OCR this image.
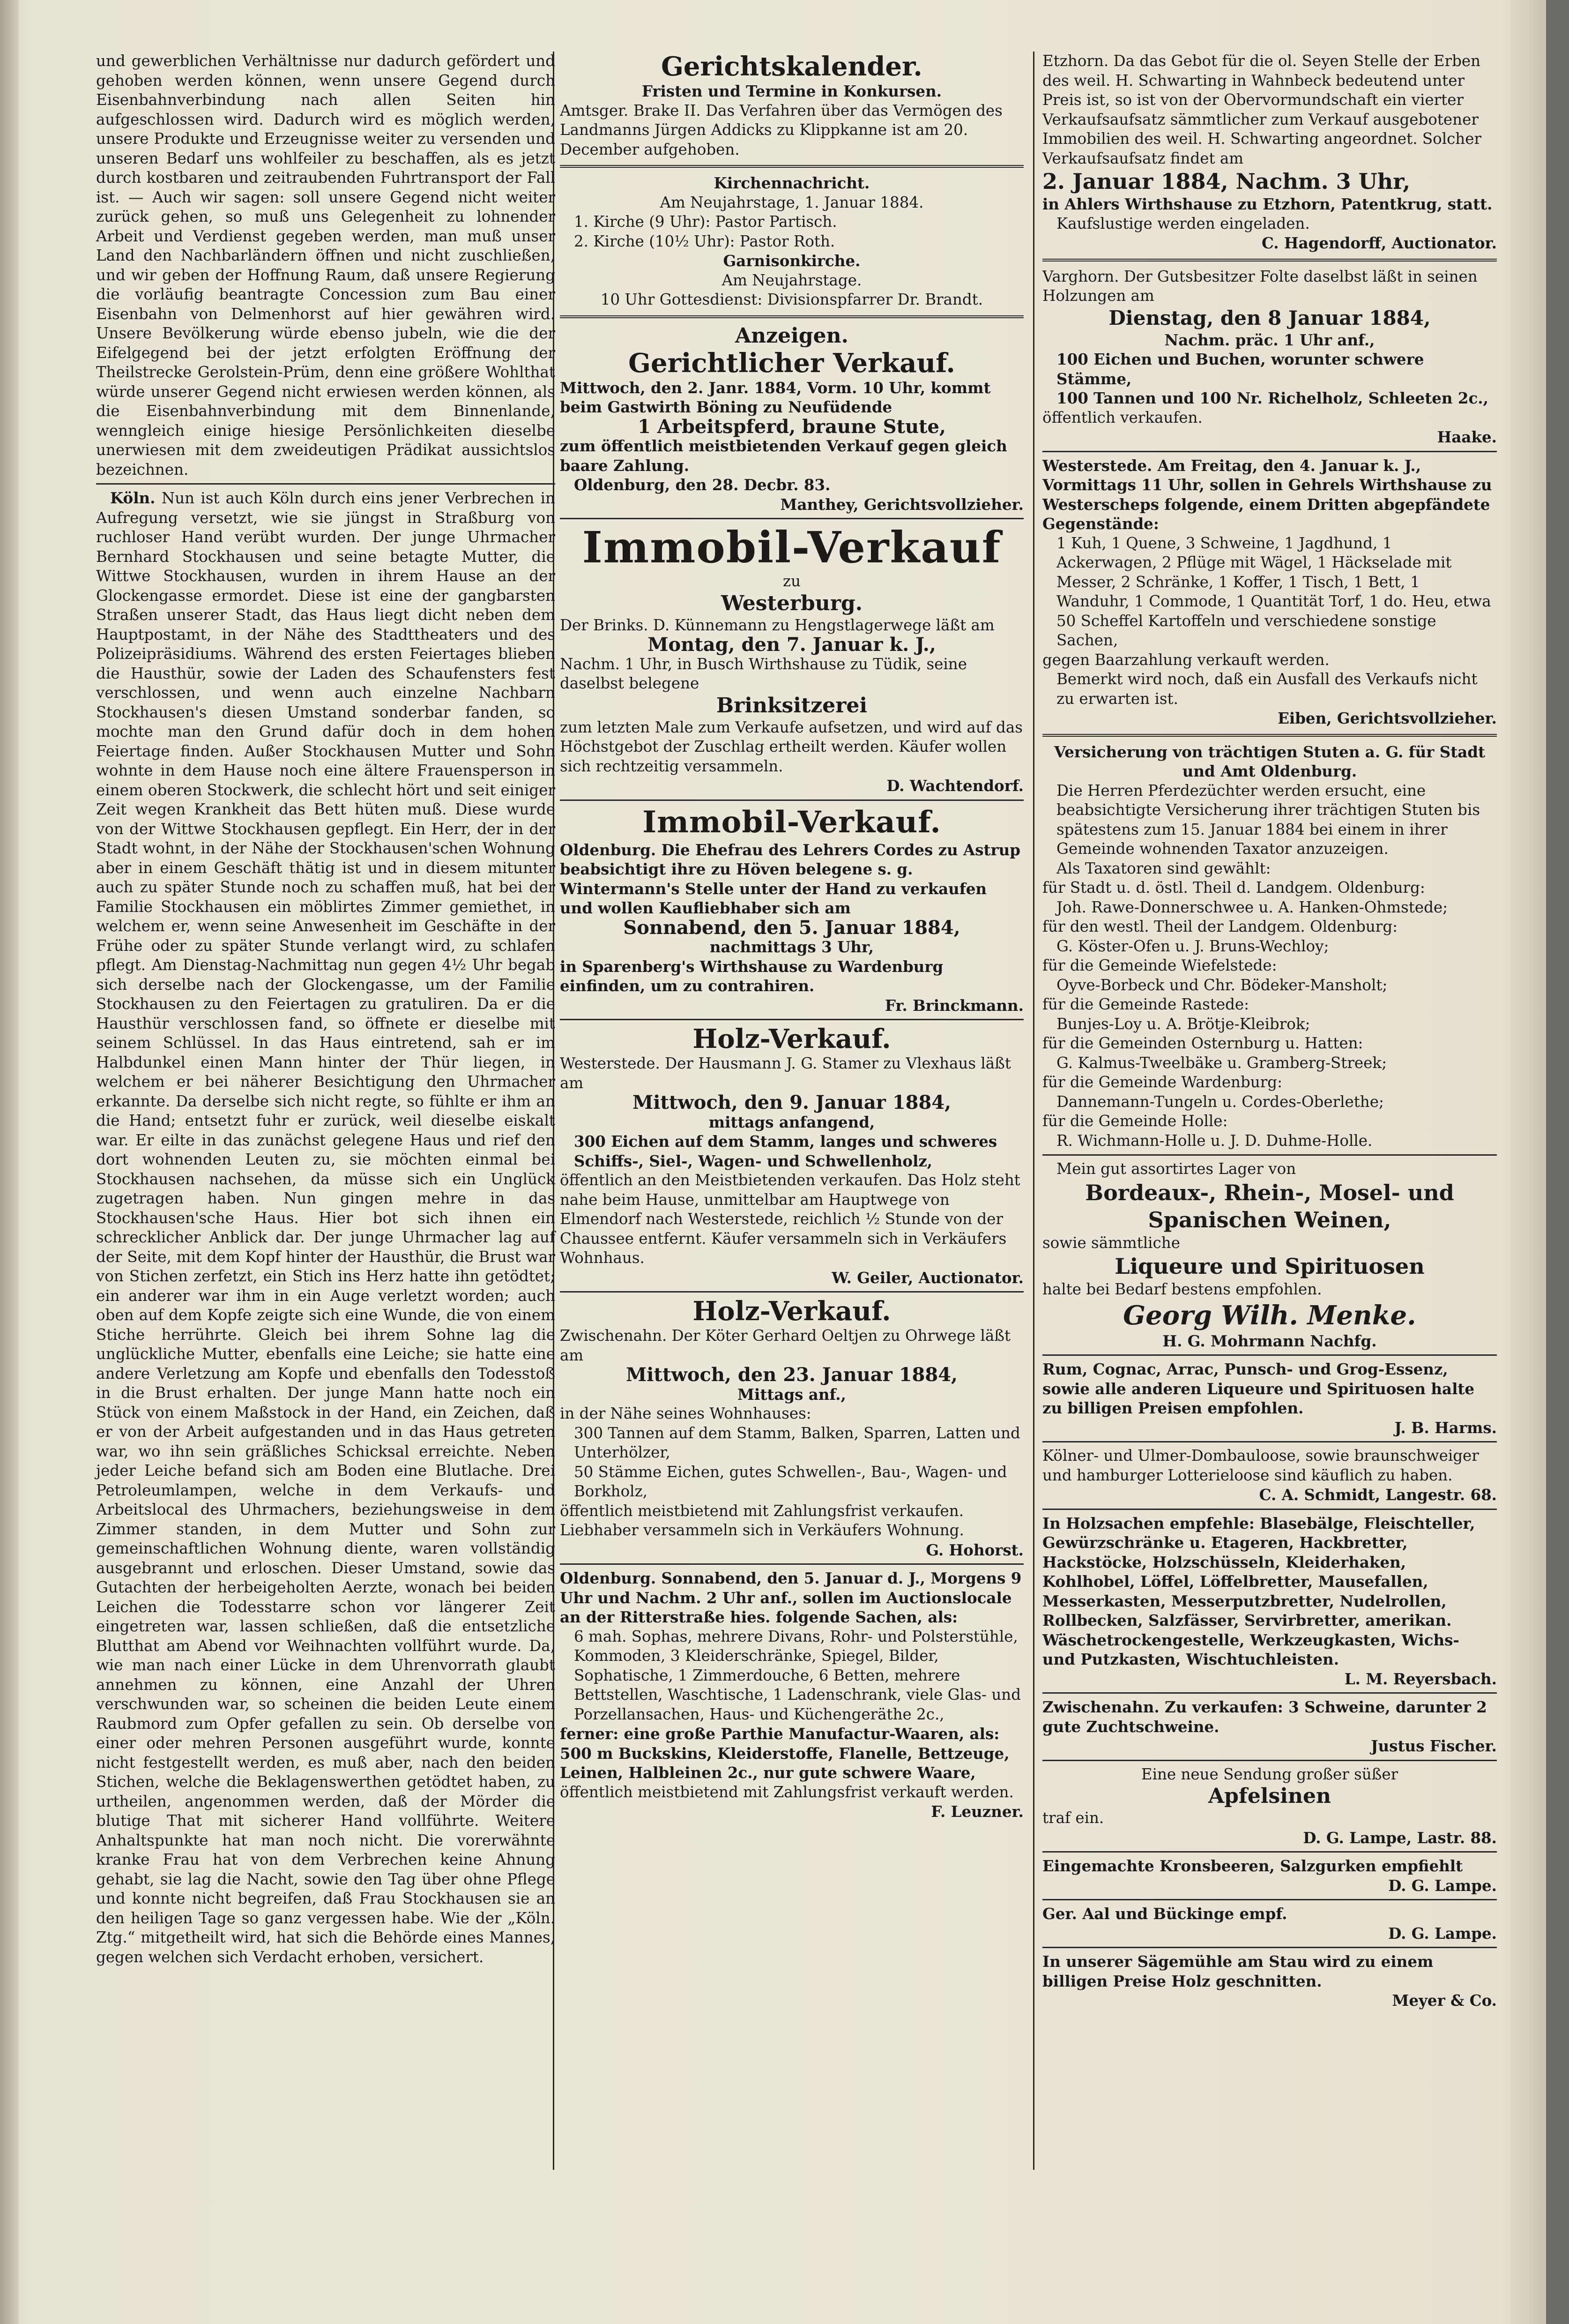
und gewerblichen Verhältnisse nur dadurch gefördert und gehoben werden können, wenn unsere Gegend durch Eisenbahnverbindung nach allen Seiten hin aufgeschlossen wird. Dadurch wird es möglich werden, unsere Produkte und Erzeugnisse weiter zu versenden und unseren Bedarf uns wohlfeiler zu beschaffen, als es jetzt durch kostbaren und zeitraubenden Fuhrtransport der Fall ist. — Auch wir sagen: soll unsere Gegend nicht weiter zurück gehen, so muß uns Gelegenheit zu lohnender Arbeit und Verdienst gegeben werden, man muß unser Land den Nachbarländern öffnen und nicht zuschließen, und wir geben der Hoffnung Raum, daß unsere Regierung die vorläufig beantragte Concession zum Bau einer Eisenbahn von Delmenhorst auf hier gewähren wird. Unsere Bevölkerung würde ebenso jubeln, wie die der Eifelgegend bei der jetzt erfolgten Eröffnung der Theilstrecke Gerolstein-Prüm, denn eine größere Wohlthat würde unserer Gegend nicht erwiesen werden können, als die Eisenbahnverbindung mit dem Binnenlande, wenngleich einige hiesige Persönlichkeiten dieselbe unerwiesen mit dem zweideutigen Prädikat aussichtslos bezeichnen.

Köln. Nun ist auch Köln durch eins jener Verbrechen in Aufregung versetzt, wie sie jüngst in Straßburg von ruchloser Hand verübt wurden. Der junge Uhrmacher Bernhard Stockhausen und seine betagte Mutter, die Wittwe Stockhausen, wurden in ihrem Hause an der Glockengasse ermordet. Diese ist eine der gangbarsten Straßen unserer Stadt, das Haus liegt dicht neben dem Hauptpostamt, in der Nähe des Stadttheaters und des Polizeipräsidiums. Während des ersten Feiertages blieben die Hausthür, sowie der Laden des Schaufensters fest verschlossen, und wenn auch einzelne Nachbarn Stockhausen's diesen Umstand sonderbar fanden, so mochte man den Grund dafür doch in dem hohen Feiertage finden. Außer Stockhausen Mutter und Sohn wohnte in dem Hause noch eine ältere Frauensperson in einem oberen Stockwerk, die schlecht hört und seit einiger Zeit wegen Krankheit das Bett hüten muß. Diese wurde von der Wittwe Stockhausen gepflegt. Ein Herr, der in der Stadt wohnt, in der Nähe der Stockhausen'schen Wohnung aber in einem Geschäft thätig ist und in diesem mitunter auch zu später Stunde noch zu schaffen muß, hat bei der Familie Stockhausen ein möblirtes Zimmer gemiethet, in welchem er, wenn seine Anwesenheit im Geschäfte in der Frühe oder zu später Stunde verlangt wird, zu schlafen pflegt. Am Dienstag-Nachmittag nun gegen 4½ Uhr begab sich derselbe nach der Glockengasse, um der Familie Stockhausen zu den Feiertagen zu gratuliren. Da er die Hausthür verschlossen fand, so öffnete er dieselbe mit seinem Schlüssel. In das Haus eintretend, sah er im Halbdunkel einen Mann hinter der Thür liegen, in welchem er bei näherer Besichtigung den Uhrmacher erkannte. Da derselbe sich nicht regte, so fühlte er ihm an die Hand; entsetzt fuhr er zurück, weil dieselbe eiskalt war. Er eilte in das zunächst gelegene Haus und rief den dort wohnenden Leuten zu, sie möchten einmal bei Stockhausen nachsehen, da müsse sich ein Unglück zugetragen haben. Nun gingen mehre in das Stockhausen'sche Haus. Hier bot sich ihnen ein schrecklicher Anblick dar. Der junge Uhrmacher lag auf der Seite, mit dem Kopf hinter der Hausthür, die Brust war von Stichen zerfetzt, ein Stich ins Herz hatte ihn getödtet; ein anderer war ihm in ein Auge verletzt worden; auch oben auf dem Kopfe zeigte sich eine Wunde, die von einem Stiche herrührte. Gleich bei ihrem Sohne lag die unglückliche Mutter, ebenfalls eine Leiche; sie hatte eine andere Verletzung am Kopfe und ebenfalls den Todesstoß in die Brust erhalten. Der junge Mann hatte noch ein Stück von einem Maßstock in der Hand, ein Zeichen, daß er von der Arbeit aufgestanden und in das Haus getreten war, wo ihn sein gräßliches Schicksal erreichte. Neben jeder Leiche befand sich am Boden eine Blutlache. Drei Petroleumlampen, welche in dem Verkaufs- und Arbeitslocal des Uhrmachers, beziehungsweise in dem Zimmer standen, in dem Mutter und Sohn zur gemeinschaftlichen Wohnung diente, waren vollständig ausgebrannt und erloschen. Dieser Umstand, sowie das Gutachten der herbeigeholten Aerzte, wonach bei beiden Leichen die Todesstarre schon vor längerer Zeit eingetreten war, lassen schließen, daß die entsetzliche Blutthat am Abend vor Weihnachten vollführt wurde. Da, wie man nach einer Lücke in dem Uhrenvorrath glaubt annehmen zu können, eine Anzahl der Uhren verschwunden war, so scheinen die beiden Leute einem Raubmord zum Opfer gefallen zu sein. Ob derselbe von einer oder mehren Personen ausgeführt wurde, konnte nicht festgestellt werden, es muß aber, nach den beiden Stichen, welche die Beklagenswerthen getödtet haben, zu urtheilen, angenommen werden, daß der Mörder die blutige That mit sicherer Hand vollführte. Weitere Anhaltspunkte hat man noch nicht. Die vorerwähnte kranke Frau hat von dem Verbrechen keine Ahnung gehabt, sie lag die Nacht, sowie den Tag über ohne Pflege und konnte nicht begreifen, daß Frau Stockhausen sie an den heiligen Tage so ganz vergessen habe. Wie der „Köln. Ztg.“ mitgetheilt wird, hat sich die Behörde eines Mannes, gegen welchen sich Verdacht erhoben, versichert.

Gerichtskalender.
Fristen und Termine in Konkursen.

Amtsger. Brake II. Das Verfahren über das Vermögen des Landmanns Jürgen Addicks zu Klippkanne ist am 20. December aufgehoben.

Kirchennachricht.
Am Neujahrstage, 1. Januar 1884.
1. Kirche (9 Uhr): Pastor Partisch.
2. Kirche (10½ Uhr): Pastor Roth.
Garnisonkirche.
Am Neujahrstage.
10 Uhr Gottesdienst: Divisionspfarrer Dr. Brandt.
Anzeigen.
Gerichtlicher Verkauf.

Mittwoch, den 2. Janr. 1884, Vorm. 10 Uhr, kommt beim Gastwirth Böning zu Neufüdende

1 Arbeitspferd, braune Stute,

zum öffentlich meistbietenden Verkauf gegen gleich baare Zahlung.

Oldenburg, den 28. Decbr. 83.
Manthey, Gerichtsvollzieher.
Immobil-Verkauf
zu
Westerburg.

Der Brinks. D. Künnemann zu Hengstlagerwege läßt am

Montag, den 7. Januar k. J.,

Nachm. 1 Uhr, in Busch Wirthshause zu Tüdik, seine daselbst belegene

Brinksitzerei

zum letzten Male zum Verkaufe aufsetzen, und wird auf das Höchstgebot der Zuschlag ertheilt werden. Käufer wollen sich rechtzeitig versammeln.

D. Wachtendorf.
Immobil-Verkauf.

Oldenburg. Die Ehefrau des Lehrers Cordes zu Astrup beabsichtigt ihre zu Höven belegene s. g. Wintermann's Stelle unter der Hand zu verkaufen und wollen Kaufliebhaber sich am

Sonnabend, den 5. Januar 1884,
nachmittags 3 Uhr,

in Sparenberg's Wirthshause zu Wardenburg einfinden, um zu contrahiren.

Fr. Brinckmann.
Holz-Verkauf.

Westerstede. Der Hausmann J. G. Stamer zu Vlexhaus läßt am

Mittwoch, den 9. Januar 1884,
mittags anfangend,

300 Eichen auf dem Stamm, langes und schweres Schiffs-, Siel-, Wagen- und Schwellenholz,

öffentlich an den Meistbietenden verkaufen. Das Holz steht nahe beim Hause, unmittelbar am Hauptwege von Elmendorf nach Westerstede, reichlich ½ Stunde von der Chaussee entfernt. Käufer versammeln sich in Verkäufers Wohnhaus.

W. Geiler, Auctionator.
Holz-Verkauf.

Zwischenahn. Der Köter Gerhard Oeltjen zu Ohrwege läßt am

Mittwoch, den 23. Januar 1884,
Mittags anf.,

in der Nähe seines Wohnhauses:

300 Tannen auf dem Stamm, Balken, Sparren, Latten und Unterhölzer,

50 Stämme Eichen, gutes Schwellen-, Bau-, Wagen- und Borkholz,

öffentlich meistbietend mit Zahlungsfrist verkaufen. Liebhaber versammeln sich in Verkäufers Wohnung.

G. Hohorst.

Oldenburg. Sonnabend, den 5. Januar d. J., Morgens 9 Uhr und Nachm. 2 Uhr anf., sollen im Auctionslocale an der Ritterstraße hies. folgende Sachen, als:

6 mah. Sophas, mehrere Divans, Rohr- und Polsterstühle, Kommoden, 3 Kleiderschränke, Spiegel, Bilder, Sophatische, 1 Zimmerdouche, 6 Betten, mehrere Bettstellen, Waschtische, 1 Ladenschrank, viele Glas- und Porzellansachen, Haus- und Küchengeräthe 2c.,

ferner: eine große Parthie Manufactur-Waaren, als: 500 m Buckskins, Kleiderstoffe, Flanelle, Bettzeuge, Leinen, Halbleinen 2c., nur gute schwere Waare,

öffentlich meistbietend mit Zahlungsfrist verkauft werden.

F. Leuzner.

Etzhorn. Da das Gebot für die ol. Seyen Stelle der Erben des weil. H. Schwarting in Wahnbeck bedeutend unter Preis ist, so ist von der Obervormundschaft ein vierter Verkaufsaufsatz sämmtlicher zum Verkauf ausgebotener Immobilien des weil. H. Schwarting angeordnet. Solcher Verkaufsaufsatz findet am

2. Januar 1884, Nachm. 3 Uhr,

in Ahlers Wirthshause zu Etzhorn, Patentkrug, statt.

Kaufslustige werden eingeladen.
C. Hagendorff, Auctionator.

Varghorn. Der Gutsbesitzer Folte daselbst läßt in seinen Holzungen am

Dienstag, den 8 Januar 1884,
Nachm. präc. 1 Uhr anf.,

100 Eichen und Buchen, worunter schwere Stämme,

100 Tannen und 100 Nr. Richelholz, Schleeten 2c.,

öffentlich verkaufen.
Haake.

Westerstede. Am Freitag, den 4. Januar k. J., Vormittags 11 Uhr, sollen in Gehrels Wirthshause zu Westerscheps folgende, einem Dritten abgepfändete Gegenstände:

1 Kuh, 1 Quene, 3 Schweine, 1 Jagdhund, 1 Ackerwagen, 2 Pflüge mit Wägel, 1 Häckselade mit Messer, 2 Schränke, 1 Koffer, 1 Tisch, 1 Bett, 1 Wanduhr, 1 Commode, 1 Quantität Torf, 1 do. Heu, etwa 50 Scheffel Kartoffeln und verschiedene sonstige Sachen,

gegen Baarzahlung verkauft werden.

Bemerkt wird noch, daß ein Ausfall des Verkaufs nicht zu erwarten ist.

Eiben, Gerichtsvollzieher.
Versicherung von trächtigen Stuten a. G. für Stadt und Amt Oldenburg.

Die Herren Pferdezüchter werden ersucht, eine beabsichtigte Versicherung ihrer trächtigen Stuten bis spätestens zum 15. Januar 1884 bei einem in ihrer Gemeinde wohnenden Taxator anzuzeigen.

Als Taxatoren sind gewählt:
für Stadt u. d. östl. Theil d. Landgem. Oldenburg:
Joh. Rawe-Donnerschwee u. A. Hanken-Ohmstede;
für den westl. Theil der Landgem. Oldenburg:
G. Köster-Ofen u. J. Bruns-Wechloy;
für die Gemeinde Wiefelstede:
Oyve-Borbeck und Chr. Bödeker-Mansholt;
für die Gemeinde Rastede:
Bunjes-Loy u. A. Brötje-Kleibrok;
für die Gemeinden Osternburg u. Hatten:
G. Kalmus-Tweelbäke u. Gramberg-Streek;
für die Gemeinde Wardenburg:
Dannemann-Tungeln u. Cordes-Oberlethe;
für die Gemeinde Holle:
R. Wichmann-Holle u. J. D. Duhme-Holle.
Mein gut assortirtes Lager von
Bordeaux-, Rhein-, Mosel- und Spanischen Weinen,
sowie sämmtliche
Liqueure und Spirituosen
halte bei Bedarf bestens empfohlen.
Georg Wilh. Menke.
H. G. Mohrmann Nachfg.

Rum, Cognac, Arrac, Punsch- und Grog-Essenz, sowie alle anderen Liqueure und Spirituosen halte zu billigen Preisen empfohlen.

J. B. Harms.

Kölner- und Ulmer-Dombauloose, sowie braunschweiger und hamburger Lotterieloose sind käuflich zu haben.

C. A. Schmidt, Langestr. 68.

In Holzsachen empfehle: Blasebälge, Fleischteller, Gewürzschränke u. Etageren, Hackbretter, Hackstöcke, Holzschüsseln, Kleiderhaken, Kohlhobel, Löffel, Löffelbretter, Mausefallen, Messerkasten, Messerputzbretter, Nudelrollen, Rollbecken, Salzfässer, Servirbretter, amerikan. Wäschetrockengestelle, Werkzeugkasten, Wichs- und Putzkasten, Wischtuchleisten.

L. M. Reyersbach.

Zwischenahn. Zu verkaufen: 3 Schweine, darunter 2 gute Zuchtschweine.

Justus Fischer.
Eine neue Sendung großer süßer
Apfelsinen
traf ein.
D. G. Lampe, Lastr. 88.

Eingemachte Kronsbeeren, Salzgurken empfiehlt

D. G. Lampe.
Ger. Aal und Bückinge empf.
D. G. Lampe.

In unserer Sägemühle am Stau wird zu einem billigen Preise Holz geschnitten.

Meyer & Co.
